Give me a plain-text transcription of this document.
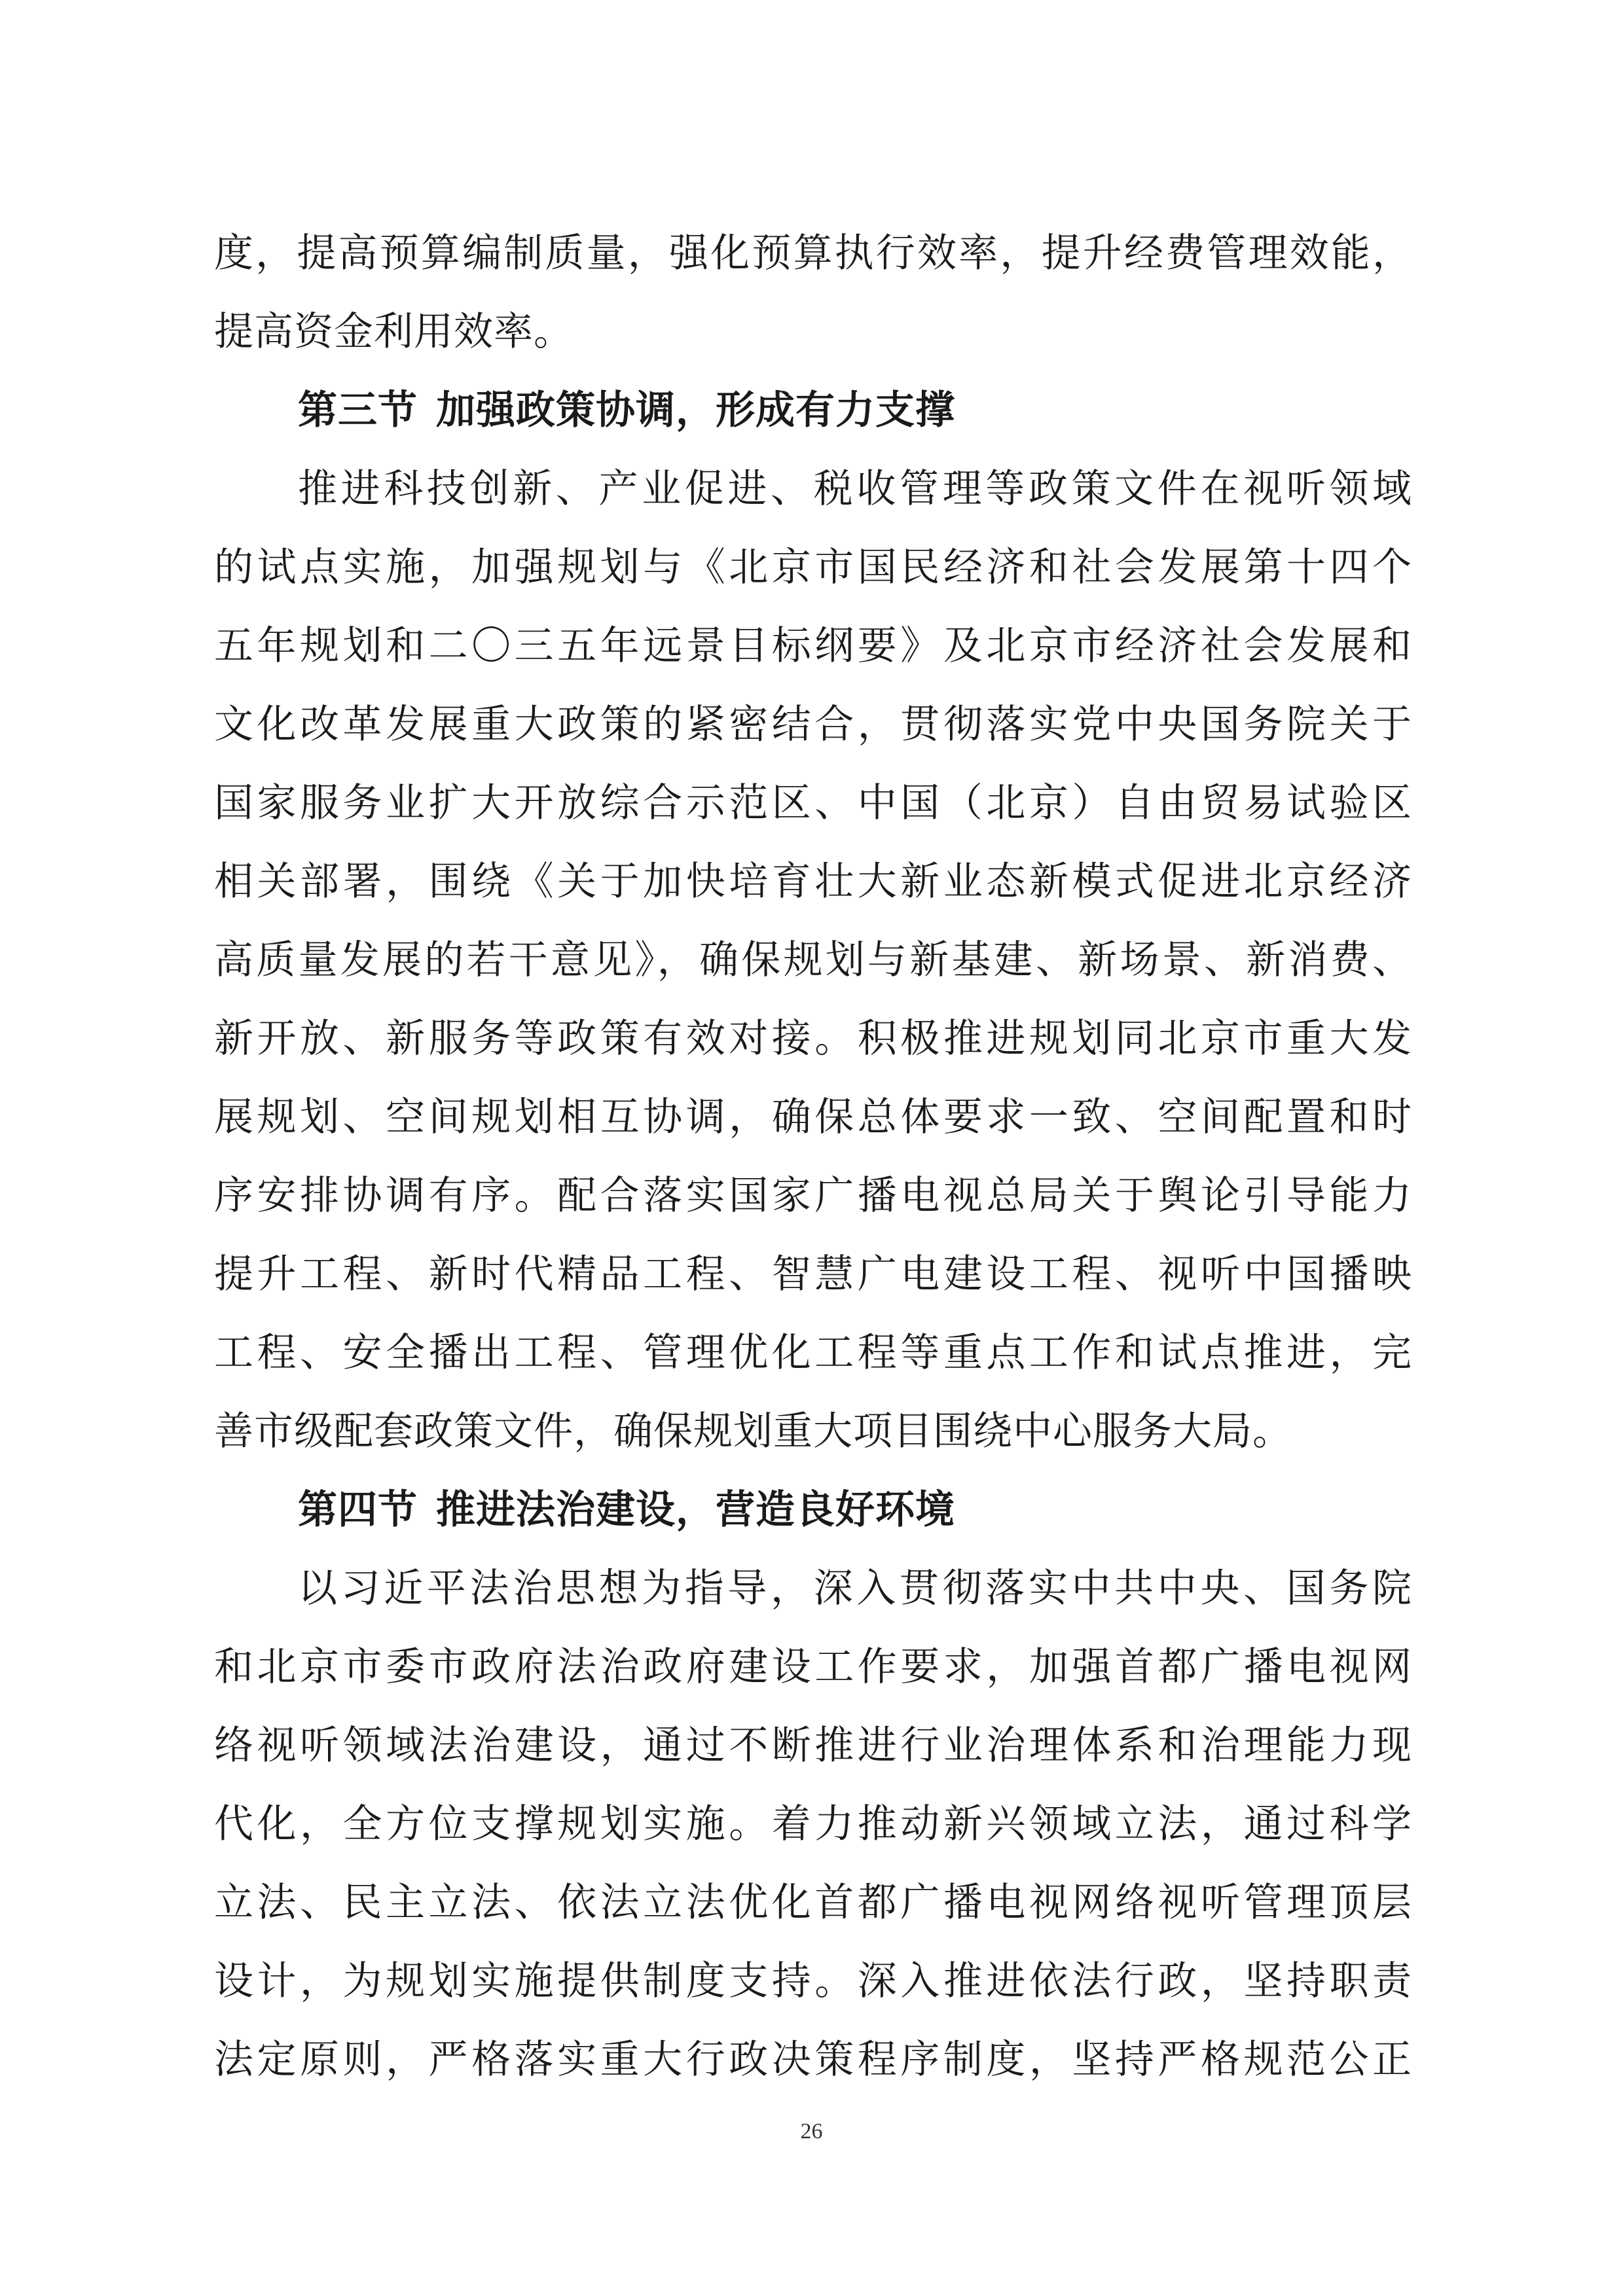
度，提高预算编制质量，强化预算执行效率，提升经费管理效能，
提高资金利用效率。
第三节 加强政策协调，形成有力支撑
推进科技创新、产业促进、税收管理等政策文件在视听领域
的试点实施，加强规划与《北京市国民经济和社会发展第十四个
五年规划和二〇三五年远景目标纲要》及北京市经济社会发展和
文化改革发展重大政策的紧密结合，贯彻落实党中央国务院关于
国家服务业扩大开放综合示范区、中国（北京）自由贸易试验区
相关部署，围绕《关于加快培育壮大新业态新模式促进北京经济
高质量发展的若干意见》，确保规划与新基建、新场景、新消费、
新开放、新服务等政策有效对接。积极推进规划同北京市重大发
展规划、空间规划相互协调，确保总体要求一致、空间配置和时
序安排协调有序。配合落实国家广播电视总局关于舆论引导能力
提升工程、新时代精品工程、智慧广电建设工程、视听中国播映
工程、安全播出工程、管理优化工程等重点工作和试点推进，完
善市级配套政策文件，确保规划重大项目围绕中心服务大局。
第四节 推进法治建设，营造良好环境
以习近平法治思想为指导，深入贯彻落实中共中央、国务院
和北京市委市政府法治政府建设工作要求，加强首都广播电视网
络视听领域法治建设，通过不断推进行业治理体系和治理能力现
代化，全方位支撑规划实施。着力推动新兴领域立法，通过科学
立法、民主立法、依法立法优化首都广播电视网络视听管理顶层
设计，为规划实施提供制度支持。深入推进依法行政，坚持职责
法定原则，严格落实重大行政决策程序制度，坚持严格规范公正
26
